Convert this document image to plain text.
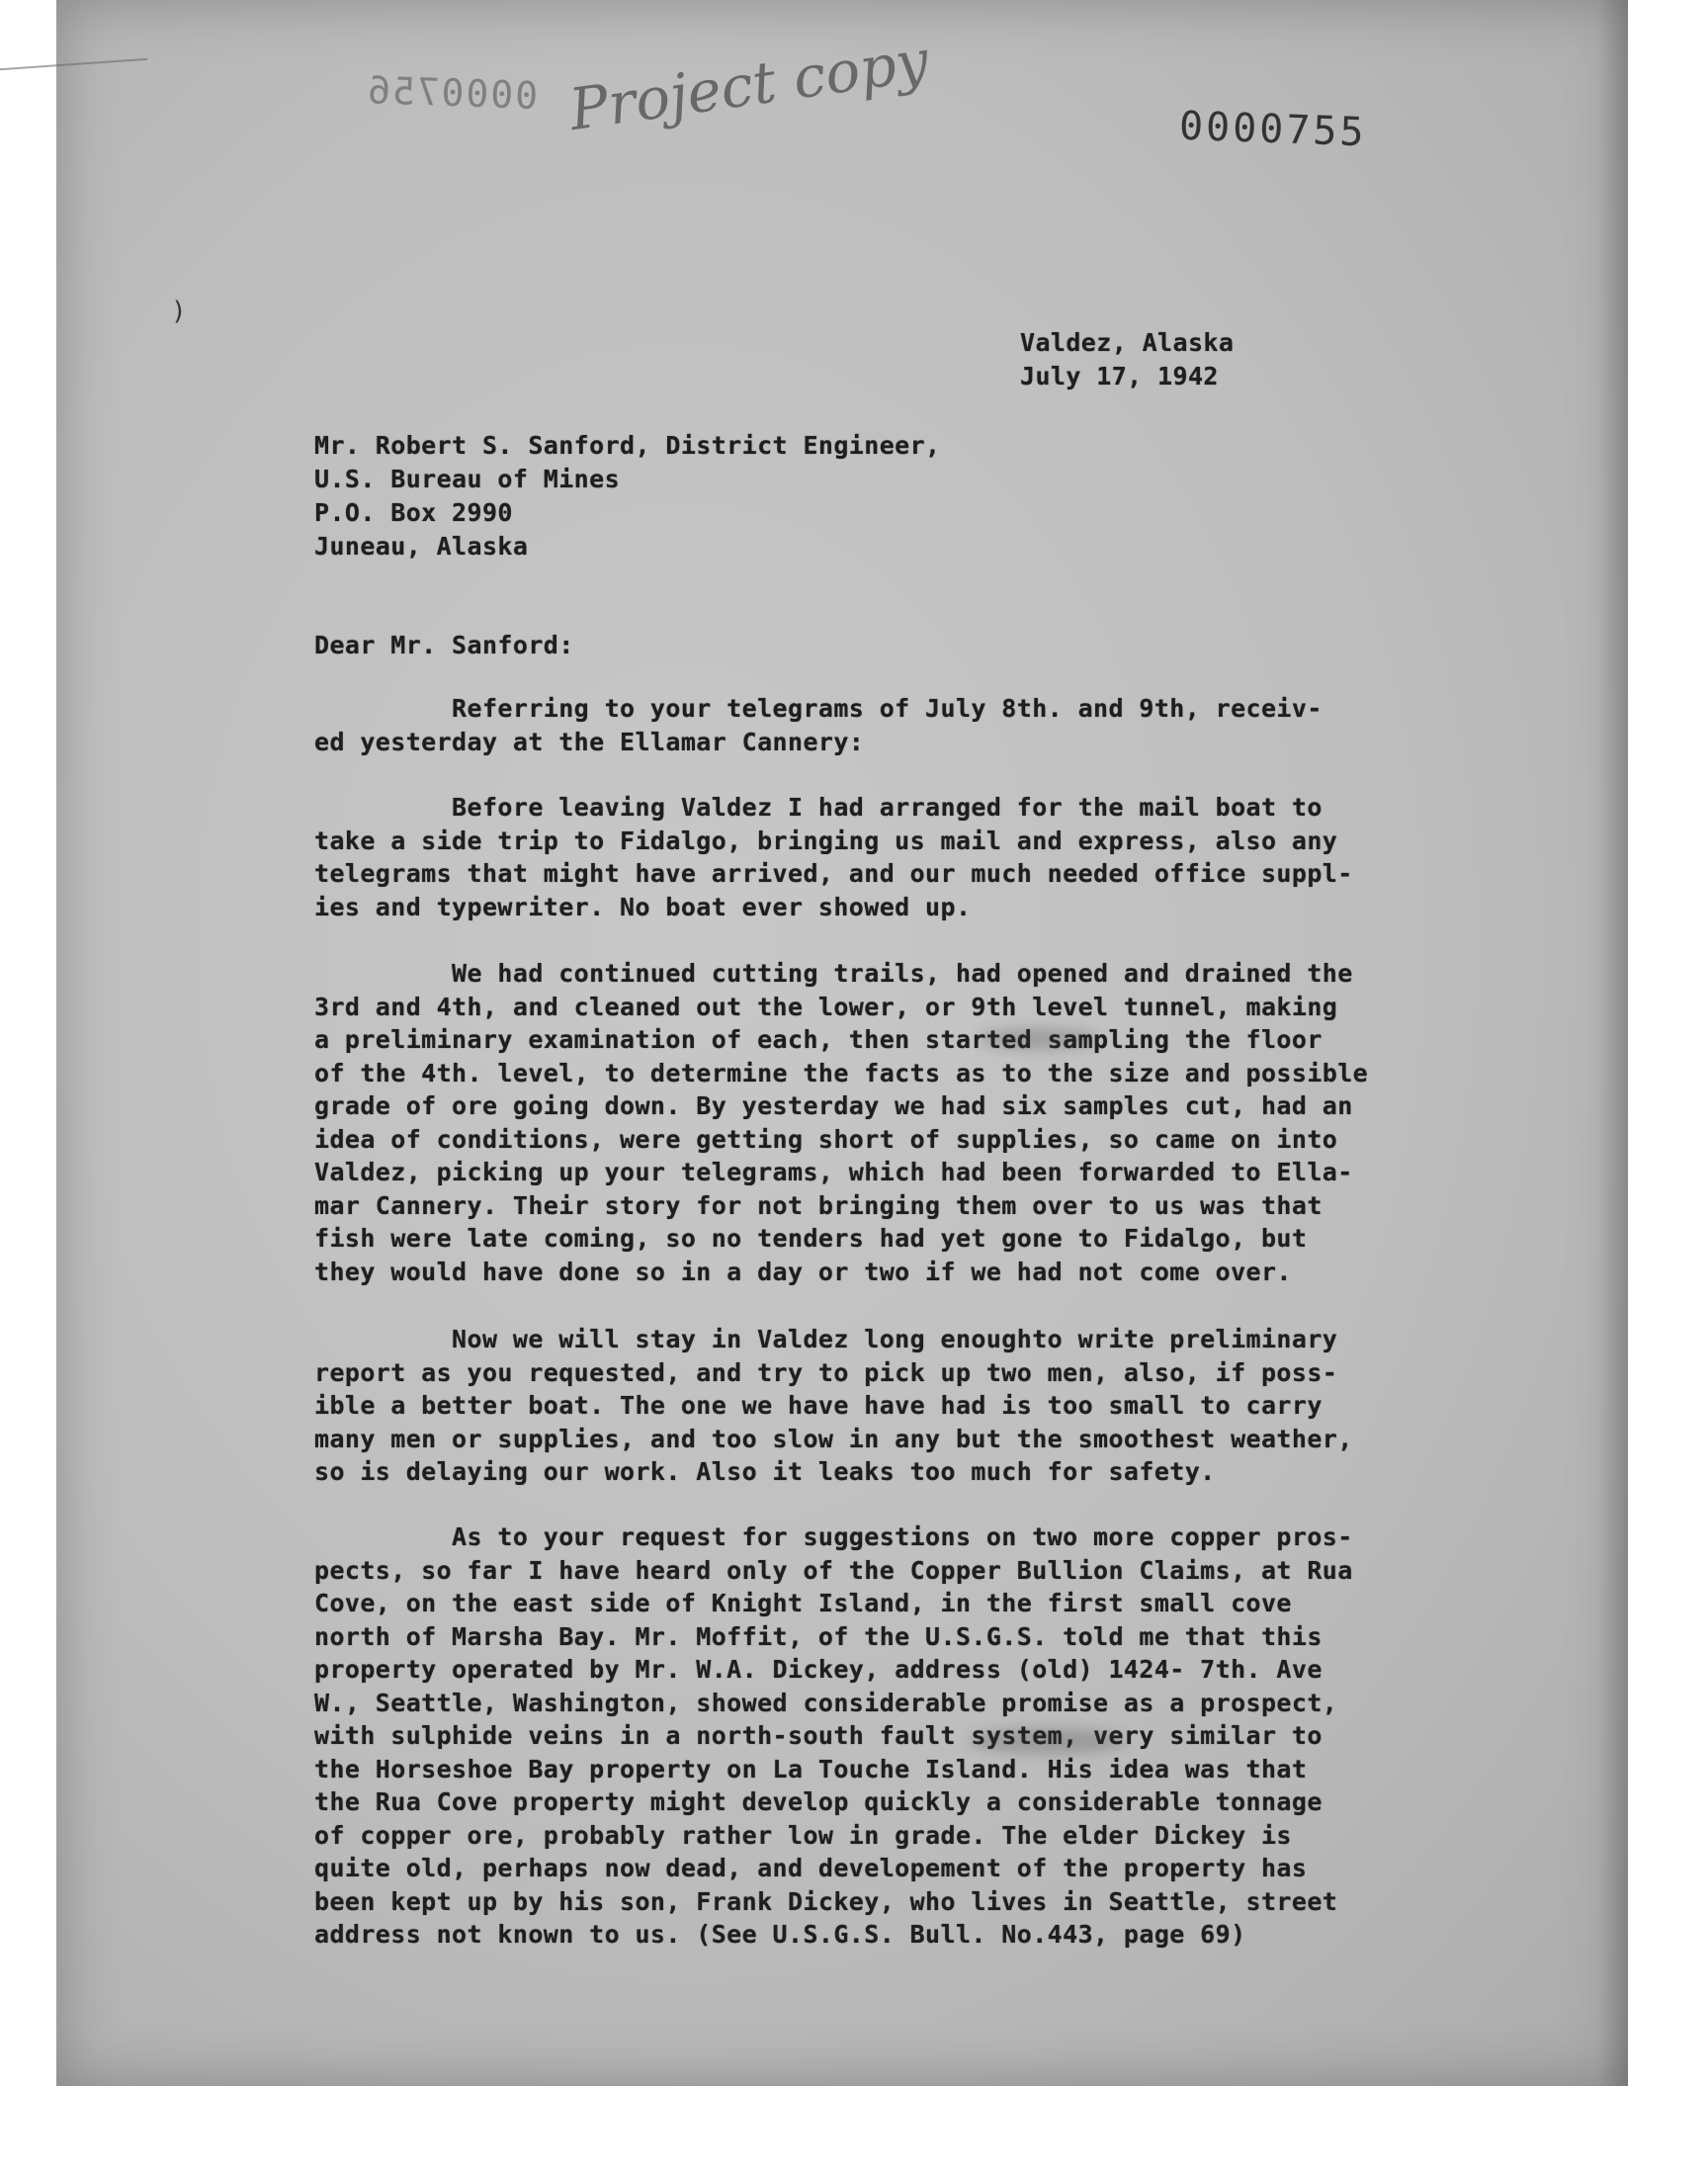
0000756 Project copy	0000755
)
Valdez, Alaska
July 17, 1942
Mr. Robert S. Sanford, District Engineer,
U.S. Bureau of Mines
P.O. Box 2990
Juneau, Alaska
Dear Mr. Sanford:
Referring to your telegrams of July 8th. and 9th, receiv-
ed yesterday at the Ellamar Cannery:
Before leaving Valdez I had arranged for the mail boat to
take a side trip to Fidalgo, bringing us mail and express, also any
telegrams that might have arrived, and our much needed office suppl-
ies and typewriter. No boat ever showed up.
We had continued cutting trails, had opened and drained the
3rd and 4th, and cleaned out the lower, or 9th level tunnel, making
a preliminary examination of each, then started sampling the floor
of the 4th. level, to determine the facts as to the size and possible
grade of ore going down. By yesterday we had six samples cut, had an
idea of conditions, were getting short of supplies, so came on into
Valdez, picking up your telegrams, which had been forwarded to Ella-
mar Cannery. Their story for not bringing them over to us was that
fish were late coming, so no tenders had yet gone to Fidalgo, but
they would have done so in a day or two if we had not come over.
Now we will stay in Valdez long enoughto write preliminary
report as you requested, and try to pick up two men, also, if poss-
ible a better boat. The one we have have had is too small to carry
many men or supplies, and too slow in any but the smoothest weather,
so is delaying our work. Also it leaks too much for safety.
As to your request for suggestions on two more copper pros-
pects, so far I have heard only of the Copper Bullion Claims, at Rua
Cove, on the east side of Knight Island, in the first small cove
north of Marsha Bay. Mr. Moffit, of the U.S.G.S. told me that this
property operated by Mr. W.A. Dickey, address (old) 1424- 7th. Ave
W., Seattle, Washington, showed considerable promise as a prospect,
with sulphide veins in a north-south fault system, very similar to
the Horseshoe Bay property on La Touche Island. His idea was that
the Rua Cove property might develop quickly a considerable tonnage
of copper ore, probably rather low in grade. The elder Dickey is
quite old, perhaps now dead, and developement of the property has
been kept up by his son, Frank Dickey, who lives in Seattle, street
address not known to us. (See U.S.G.S. Bull. No.443, page 69)
